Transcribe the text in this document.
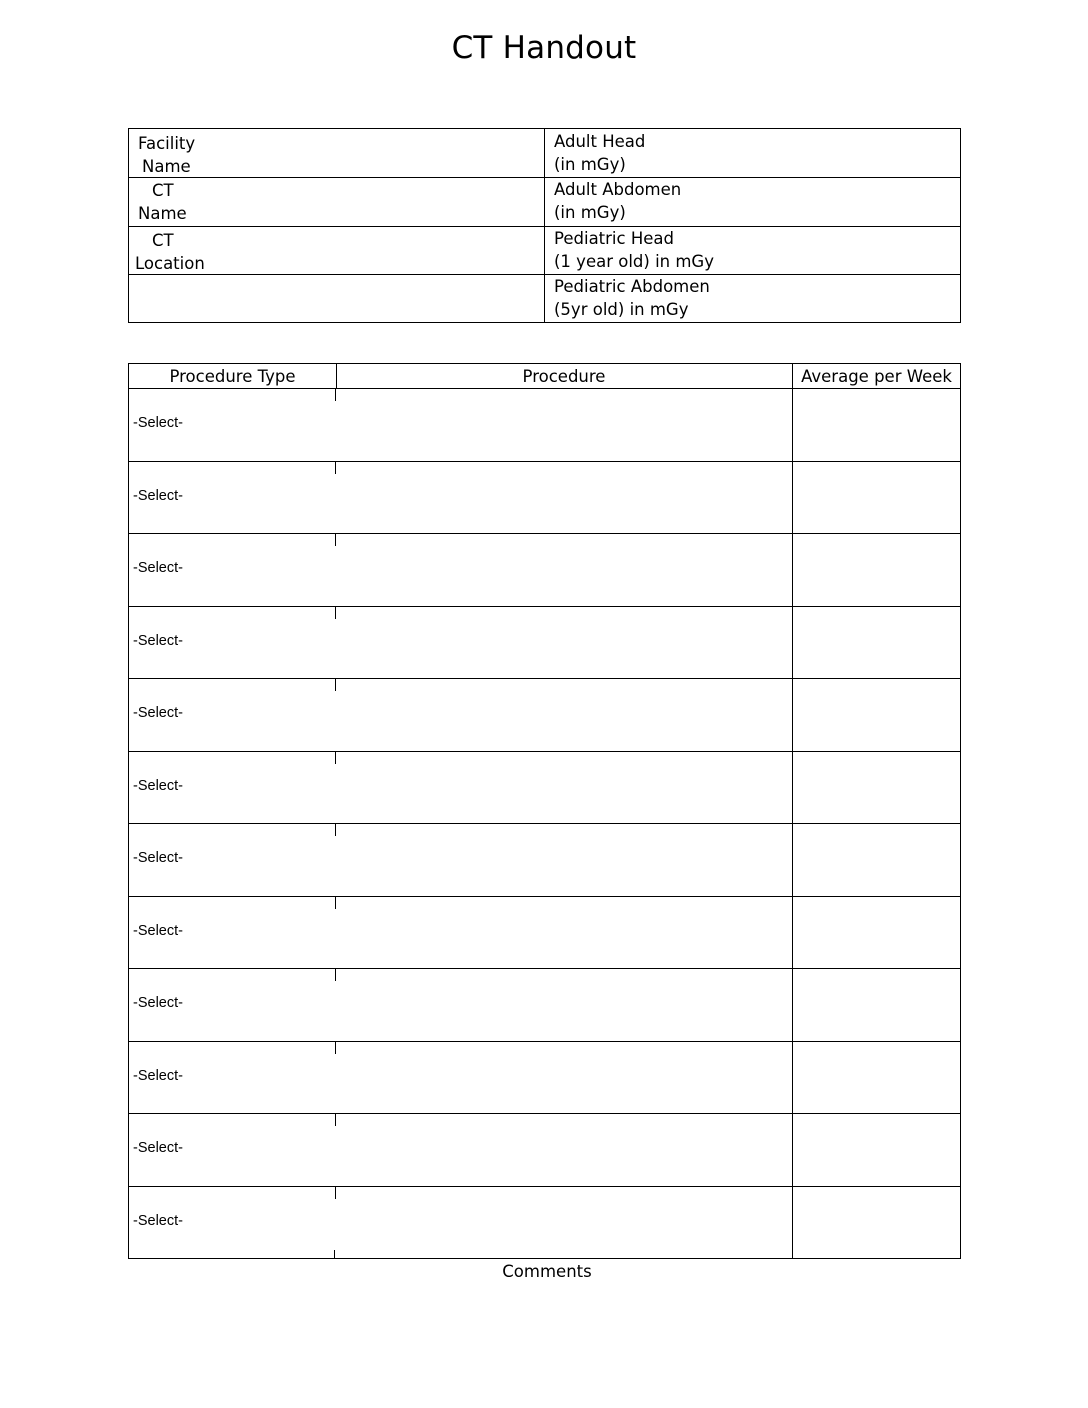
CT Handout
Facility
Name
Adult Head
(in mGy)
CT
Name
Adult Abdomen
(in mGy)
CT
Location
Pediatric Head
(1 year old) in mGy
Pediatric Abdomen
(5yr old) in mGy
Procedure Type	Procedure	Average per Week
-Select-
-Select-
-Select-
-Select-
-Select-
-Select-
-Select-
-Select-
-Select-
-Select-
-Select-
-Select-
Comments
